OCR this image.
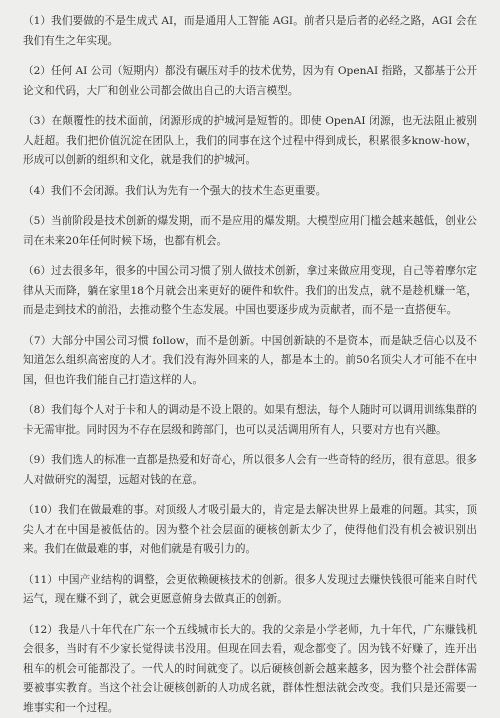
（1）我们要做的不是生成式 AI，而是通用人工智能 AGI。前者只是后者的必经之路，AGI 会在我们有生之年实现。

（2）任何 AI 公司（短期内）都没有碾压对手的技术优势，因为有 OpenAI 指路，又都基于公开论文和代码，大厂和创业公司都会做出自己的大语言模型。

（3）在颠覆性的技术面前，闭源形成的护城河是短暂的。即使 OpenAI 闭源，也无法阻止被别人赶超。我们把价值沉淀在团队上，我们的同事在这个过程中得到成长，积累很多know-how，形成可以创新的组织和文化，就是我们的护城河。

（4）我们不会闭源。我们认为先有一个强大的技术生态更重要。

（5）当前阶段是技术创新的爆发期，而不是应用的爆发期。大模型应用门槛会越来越低，创业公司在未来20年任何时候下场，也都有机会。

（6）过去很多年，很多的中国公司习惯了别人做技术创新，拿过来做应用变现，自己等着摩尔定律从天而降，躺在家里18个月就会出来更好的硬件和软件。我们的出发点，就不是趁机赚一笔，而是走到技术的前沿，去推动整个生态发展。中国也要逐步成为贡献者，而不是一直搭便车。

（7）大部分中国公司习惯 follow，而不是创新。中国创新缺的不是资本，而是缺乏信心以及不知道怎么组织高密度的人才。我们没有海外回来的人，都是本土的。前50名顶尖人才可能不在中国，但也许我们能自己打造这样的人。

（8）我们每个人对于卡和人的调动是不设上限的。如果有想法，每个人随时可以调用训练集群的卡无需审批。同时因为不存在层级和跨部门，也可以灵活调用所有人，只要对方也有兴趣。

（9）我们选人的标准一直都是热爱和好奇心，所以很多人会有一些奇特的经历，很有意思。很多人对做研究的渴望，远超对钱的在意。

（10）我们在做最难的事。对顶级人才吸引最大的，肯定是去解决世界上最难的问题。其实，顶尖人才在中国是被低估的。因为整个社会层面的硬核创新太少了，使得他们没有机会被识别出来。我们在做最难的事，对他们就是有吸引力的。

（11）中国产业结构的调整，会更依赖硬核技术的创新。很多人发现过去赚快钱很可能来自时代运气，现在赚不到了，就会更愿意俯身去做真正的创新。

（12）我是八十年代在广东一个五线城市长大的。我的父亲是小学老师，九十年代，广东赚钱机会很多，当时有不少家长觉得读书没用。但现在回去看，观念都变了。因为钱不好赚了，连开出租车的机会可能都没了。一代人的时间就变了。以后硬核创新会越来越多，因为整个社会群体需要被事实教育。当这个社会让硬核创新的人功成名就，群体性想法就会改变。我们只是还需要一堆事实和一个过程。
